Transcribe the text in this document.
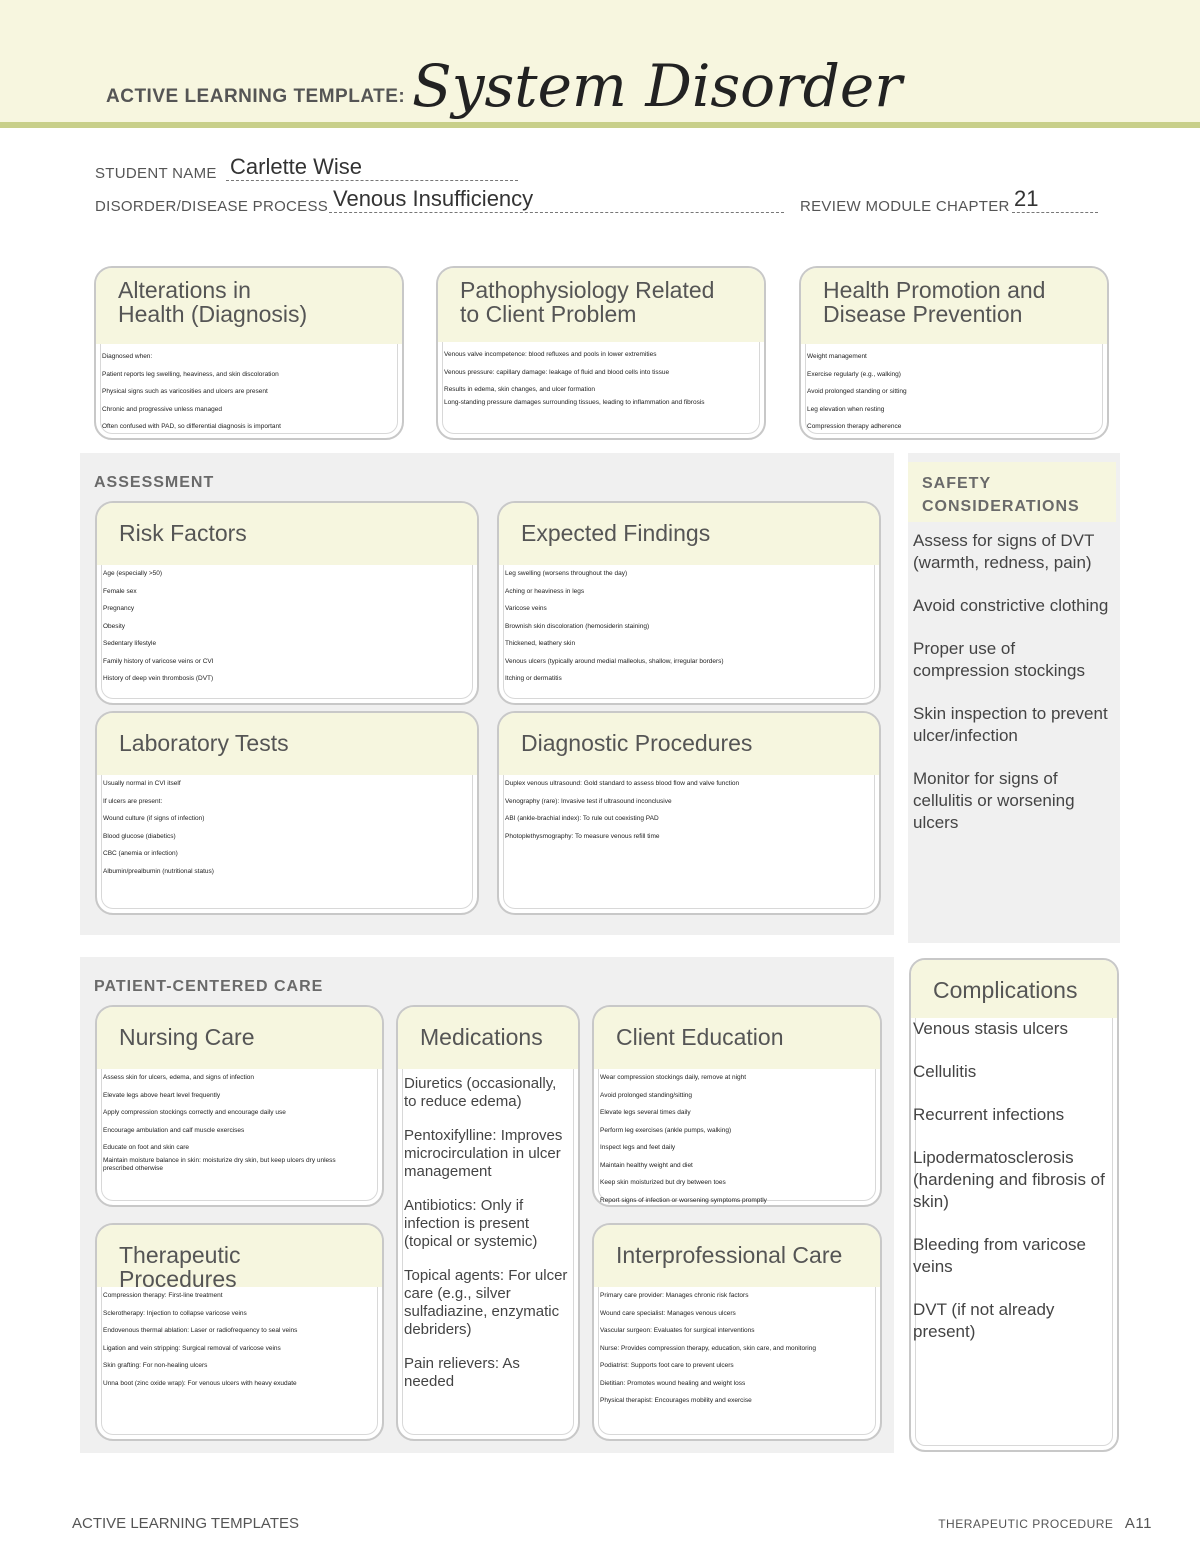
ACTIVE LEARNING TEMPLATE: System Disorder
STUDENT NAME Carlette Wise
DISORDER/DISEASE PROCESS Venous Insufficiency	REVIEW MODULE CHAPTER 21
Alterations in
Health (Diagnosis)
Diagnosed when:
Patient reports leg swelling, heaviness, and skin discoloration
Physical signs such as varicosities and ulcers are present
Chronic and progressive unless managed
Often confused with PAD, so differential diagnosis is important
Pathophysiology Related
to Client Problem
Venous valve incompetence: blood refluxes and pools in lower extremities
Venous pressure: capillary damage: leakage of fluid and blood cells into tissue
Results in edema, skin changes, and ulcer formation
Long-standing pressure damages surrounding tissues, leading to inflammation and fibrosis
Health Promotion and
Disease Prevention
Weight management
Exercise regularly (e.g., walking)
Avoid prolonged standing or sitting
Leg elevation when resting
Compression therapy adherence
ASSESSMENT
Risk Factors
Age (especially >50)
Female sex
Pregnancy
Obesity
Sedentary lifestyle
Family history of varicose veins or CVI
History of deep vein thrombosis (DVT)
Expected Findings
Leg swelling (worsens throughout the day)
Aching or heaviness in legs
Varicose veins
Brownish skin discoloration (hemosiderin staining)
Thickened, leathery skin
Venous ulcers (typically around medial malleolus, shallow, irregular borders)
Itching or dermatitis
Laboratory Tests
Usually normal in CVI itself
If ulcers are present:
Wound culture (if signs of infection)
Blood glucose (diabetics)
CBC (anemia or infection)
Albumin/prealbumin (nutritional status)
Diagnostic Procedures
Duplex venous ultrasound: Gold standard to assess blood flow and valve function
Venography (rare): Invasive test if ultrasound inconclusive
ABI (ankle-brachial index): To rule out coexisting PAD
Photoplethysmography: To measure venous refill time
SAFETY
CONSIDERATIONS
Assess for signs of DVT (warmth, redness, pain)
Avoid constrictive clothing
Proper use of compression stockings
Skin inspection to prevent ulcer/infection
Monitor for signs of cellulitis or worsening ulcers
PATIENT-CENTERED CARE
Nursing Care
Assess skin for ulcers, edema, and signs of infection
Elevate legs above heart level frequently
Apply compression stockings correctly and encourage daily use
Encourage ambulation and calf muscle exercises
Educate on foot and skin care
Maintain moisture balance in skin: moisturize dry skin, but keep ulcers dry unless prescribed otherwise
Medications
Diuretics (occasionally, to reduce edema)
Pentoxifylline: Improves microcirculation in ulcer management
Antibiotics: Only if infection is present (topical or systemic)
Topical agents: For ulcer care (e.g., silver sulfadiazine, enzymatic debriders)
Pain relievers: As needed
Client Education
Wear compression stockings daily, remove at night
Avoid prolonged standing/sitting
Elevate legs several times daily
Perform leg exercises (ankle pumps, walking)
Inspect legs and feet daily
Maintain healthy weight and diet
Keep skin moisturized but dry between toes
Report signs of infection or worsening symptoms promptly
Therapeutic Procedures
Compression therapy: First-line treatment
Sclerotherapy: Injection to collapse varicose veins
Endovenous thermal ablation: Laser or radiofrequency to seal veins
Ligation and vein stripping: Surgical removal of varicose veins
Skin grafting: For non-healing ulcers
Unna boot (zinc oxide wrap): For venous ulcers with heavy exudate
Interprofessional Care
Primary care provider: Manages chronic risk factors
Wound care specialist: Manages venous ulcers
Vascular surgeon: Evaluates for surgical interventions
Nurse: Provides compression therapy, education, skin care, and monitoring
Podiatrist: Supports foot care to prevent ulcers
Dietitian: Promotes wound healing and weight loss
Physical therapist: Encourages mobility and exercise
Complications
Venous stasis ulcers
Cellulitis
Recurrent infections
Lipodermatosclerosis (hardening and fibrosis of skin)
Bleeding from varicose veins
DVT (if not already present)
ACTIVE LEARNING TEMPLATES	THERAPEUTIC PROCEDURE A11
